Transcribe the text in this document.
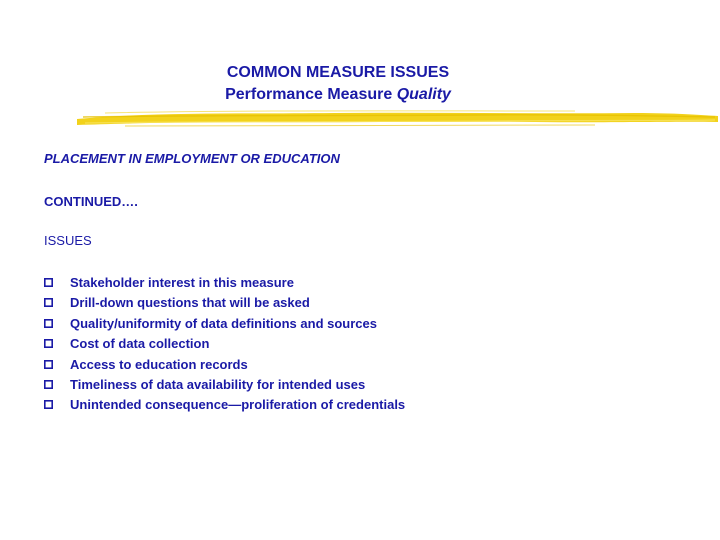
COMMON MEASURE ISSUES
Performance Measure Quality
PLACEMENT IN EMPLOYMENT OR EDUCATION
CONTINUED….
ISSUES
Stakeholder interest in this measure
Drill-down questions that will be asked
Quality/uniformity of data definitions and sources
Cost of data collection
Access to education records
Timeliness of data availability for intended uses
Unintended consequence—proliferation of credentials
